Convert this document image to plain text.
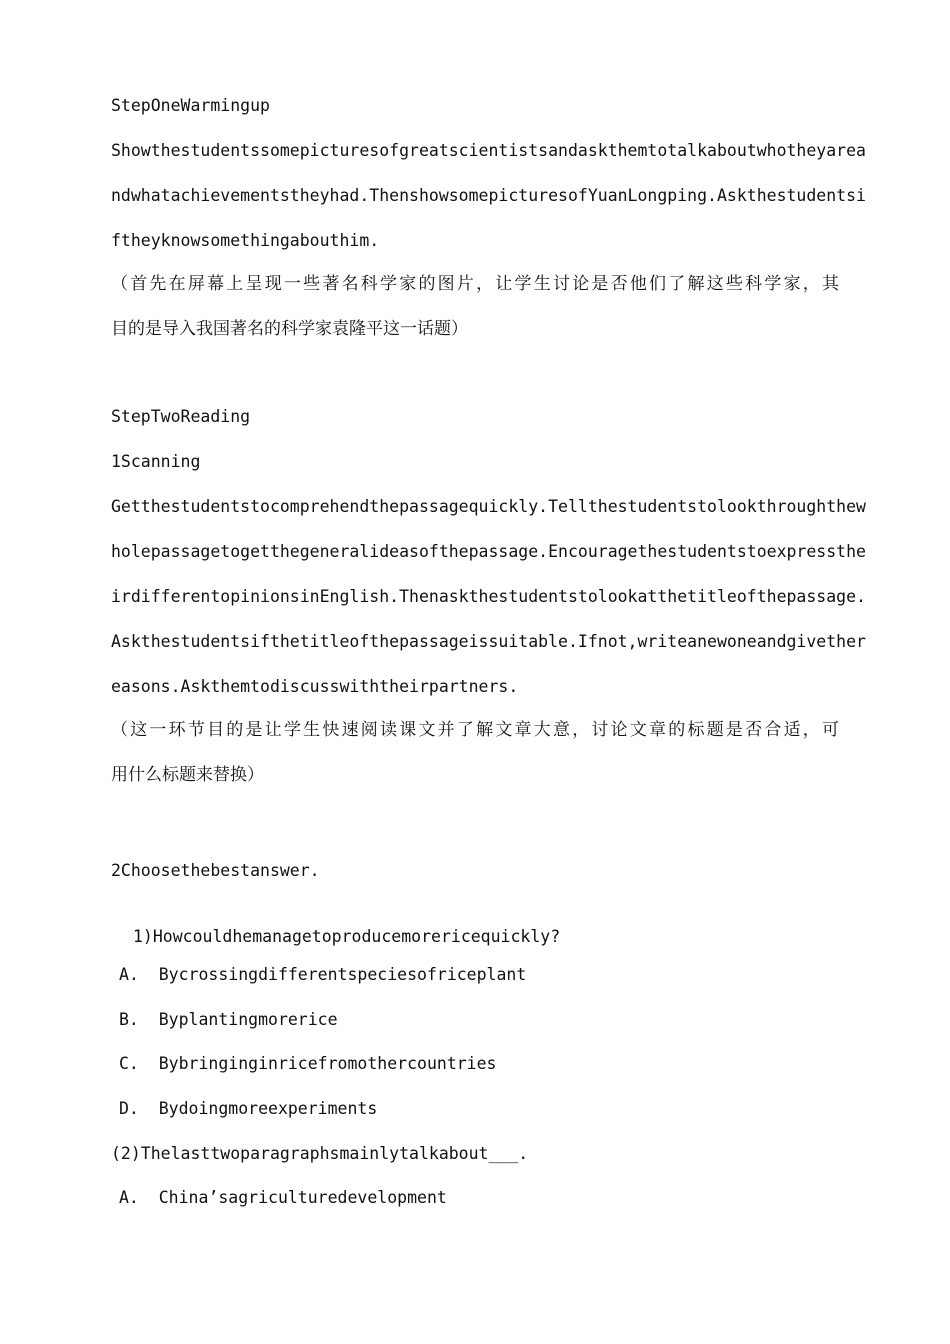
StepOneWarmingup
Showthestudentssomepicturesofgreatscientistsandaskthemtotalkaboutwhotheyarea
ndwhatachievementstheyhad.ThenshowsomepicturesofYuanLongping.Askthestudentsi
ftheyknowsomethingabouthim.
（首先在屏幕上呈现一些著名科学家的图片，让学生讨论是否他们了解这些科学家，其
目的是导入我国著名的科学家袁隆平这一话题）
StepTwoReading
1Scanning
Getthestudentstocomprehendthepassagequickly.Tellthestudentstolookthroughthew
holepassagetogetthegeneralideasofthepassage.Encouragethestudentstoexpressthe
irdifferentopinionsinEnglish.Thenaskthestudentstolookatthetitleofthepassage.
Askthestudentsifthetitleofthepassageissuitable.Ifnot,writeanewoneandgivether
easons.Askthemtodiscusswiththeirpartners.
（这一环节目的是让学生快速阅读课文并了解文章大意，讨论文章的标题是否合适，可
用什么标题来替换）
2Choosethebestanswer.
1)Howcouldhemanagetoproducemorericequickly?
A.  Bycrossingdifferentspeciesofriceplant
B.  Byplantingmorerice
C.  Bybringinginricefromothercountries
D.  Bydoingmoreexperiments
(2)Thelasttwoparagraphsmainlytalkabout___.
A.  China’sagriculturedevelopment
